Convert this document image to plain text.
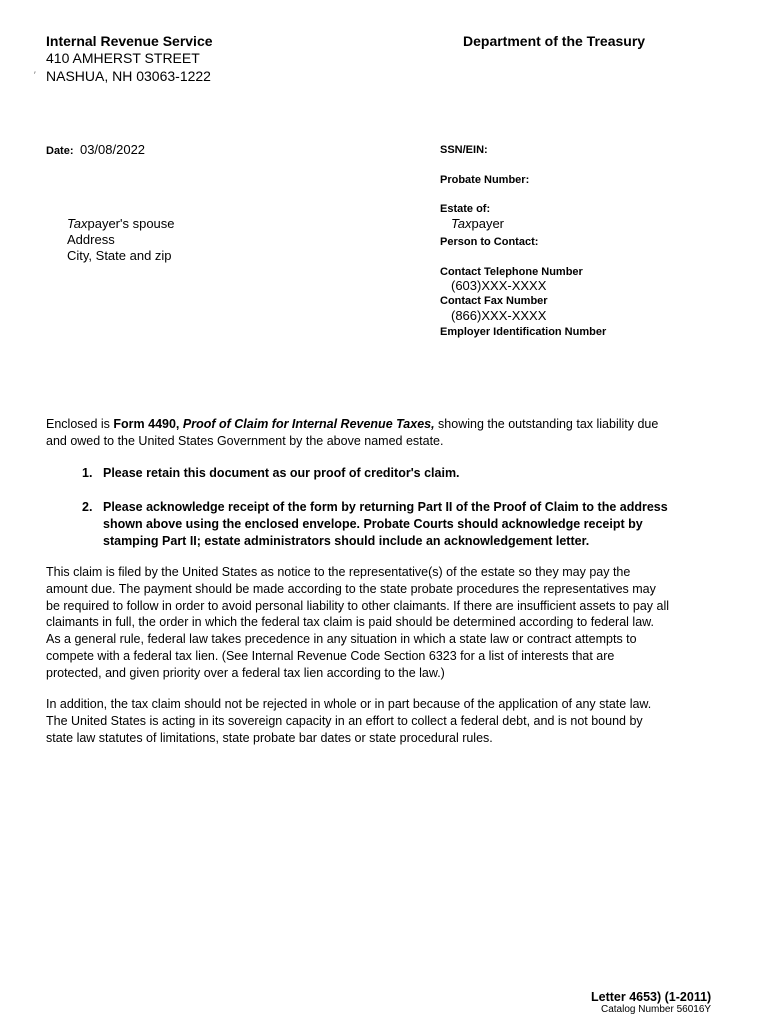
Internal Revenue Service
410 AMHERST STREET
NASHUA, NH 03063-1222
′
Department of the Treasury
Date: 03/08/2022
Taxpayer's spouse
Address
City, State and zip
SSN/EIN:
Probate Number:
Estate of:
Taxpayer
Person to Contact:
Contact Telephone Number
(603)XXX-XXXX
Contact Fax Number
(866)XXX-XXXX
Employer Identification Number
Enclosed is Form 4490, Proof of Claim for Internal Revenue Taxes, showing the outstanding tax liability due
and owed to the United States Government by the above named estate.
1. Please retain this document as our proof of creditor's claim.
2. Please acknowledge receipt of the form by returning Part II of the Proof of Claim to the address
shown above using the enclosed envelope. Probate Courts should acknowledge receipt by
stamping Part II; estate administrators should include an acknowledgement letter.
This claim is filed by the United States as notice to the representative(s) of the estate so they may pay the
amount due. The payment should be made according to the state probate procedures the representatives may
be required to follow in order to avoid personal liability to other claimants. If there are insufficient assets to pay all
claimants in full, the order in which the federal tax claim is paid should be determined according to federal law.
As a general rule, federal law takes precedence in any situation in which a state law or contract attempts to
compete with a federal tax lien. (See Internal Revenue Code Section 6323 for a list of interests that are
protected, and given priority over a federal tax lien according to the law.)
In addition, the tax claim should not be rejected in whole or in part because of the application of any state law.
The United States is acting in its sovereign capacity in an effort to collect a federal debt, and is not bound by
state law statutes of limitations, state probate bar dates or state procedural rules.
Letter 4653) (1-2011)
Catalog Number 56016Y
